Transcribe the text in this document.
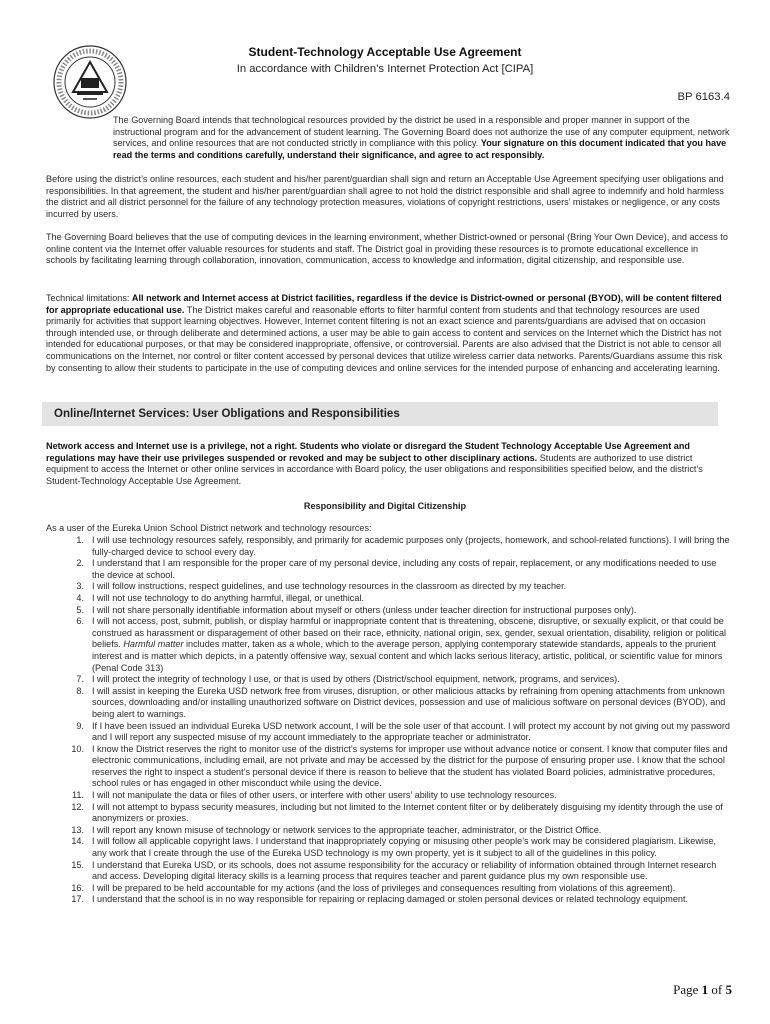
Student-Technology Acceptable Use Agreement
In accordance with Children’s Internet Protection Act [CIPA]
BP 6163.4

The Governing Board intends that technological resources provided by the district be used in a responsible and proper manner in support of the instructional program and for the advancement of student learning. The Governing Board does not authorize the use of any computer equipment, network services, and online resources that are not conducted strictly in compliance with this policy. Your signature on this document indicated that you have read the terms and conditions carefully, understand their significance, and agree to act responsibly.

Before using the district’s online resources, each student and his/her parent/guardian shall sign and return an Acceptable Use Agreement specifying user obligations and responsibilities. In that agreement, the student and his/her parent/guardian shall agree to not hold the district responsible and shall agree to indemnify and hold harmless the district and all district personnel for the failure of any technology protection measures, violations of copyright restrictions, users’ mistakes or negligence, or any costs incurred by users.

The Governing Board believes that the use of computing devices in the learning environment, whether District-owned or personal (Bring Your Own Device), and access to online content via the Internet offer valuable resources for students and staff. The District goal in providing these resources is to promote educational excellence in schools by facilitating learning through collaboration, innovation, communication, access to knowledge and information, digital citizenship, and responsible use.

Technical limitations: All network and Internet access at District facilities, regardless if the device is District-owned or personal (BYOD), will be content filtered for appropriate educational use. The District makes careful and reasonable efforts to filter harmful content from students and that technology resources are used primarily for activities that support learning objectives. However, Internet content filtering is not an exact science and parents/guardians are advised that on occasion through intended use, or through deliberate and determined actions, a user may be able to gain access to content and services on the Internet which the District has not intended for educational purposes, or that may be considered inappropriate, offensive, or controversial. Parents are also advised that the District is not able to censor all communications on the Internet, nor control or filter content accessed by personal devices that utilize wireless carrier data networks. Parents/Guardians assume this risk by consenting to allow their students to participate in the use of computing devices and online services for the intended purpose of enhancing and accelerating learning.

Online/Internet Services: User Obligations and Responsibilities

Network access and Internet use is a privilege, not a right. Students who violate or disregard the Student Technology Acceptable Use Agreement and regulations may have their use privileges suspended or revoked and may be subject to other disciplinary actions. Students are authorized to use district equipment to access the Internet or other online services in accordance with Board policy, the user obligations and responsibilities specified below, and the district’s Student-Technology Acceptable Use Agreement.

Responsibility and Digital Citizenship
As a user of the Eureka Union School District network and technology resources:
1. I will use technology resources safely, responsibly, and primarily for academic purposes only (projects, homework, and school-related functions). I will bring the fully-charged device to school every day.
2. I understand that I am responsible for the proper care of my personal device, including any costs of repair, replacement, or any modifications needed to use the device at school.
3. I will follow instructions, respect guidelines, and use technology resources in the classroom as directed by my teacher.
4. I will not use technology to do anything harmful, illegal, or unethical.
5. I will not share personally identifiable information about myself or others (unless under teacher direction for instructional purposes only).
6. I will not access, post, submit, publish, or display harmful or inappropriate content that is threatening, obscene, disruptive, or sexually explicit, or that could be construed as harassment or disparagement of other based on their race, ethnicity, national origin, sex, gender, sexual orientation, disability, religion or political beliefs. Harmful matter includes matter, taken as a whole, which to the average person, applying contemporary statewide standards, appeals to the prurient interest and is matter which depicts, in a patently offensive way, sexual content and which lacks serious literacy, artistic, political, or scientific value for minors (Penal Code 313)
7. I will protect the integrity of technology I use, or that is used by others (District/school equipment, network, programs, and services).
8. I will assist in keeping the Eureka USD network free from viruses, disruption, or other malicious attacks by refraining from opening attachments from unknown sources, downloading and/or installing unauthorized software on District devices, possession and use of malicious software on personal devices (BYOD), and being alert to warnings.
9. If I have been issued an individual Eureka USD network account, I will be the sole user of that account. I will protect my account by not giving out my password and I will report any suspected misuse of my account immediately to the appropriate teacher or administrator.
10. I know the District reserves the right to monitor use of the district’s systems for improper use without advance notice or consent. I know that computer files and electronic communications, including email, are not private and may be accessed by the district for the purpose of ensuring proper use. I know that the school reserves the right to inspect a student’s personal device if there is reason to believe that the student has violated Board policies, administrative procedures, school rules or has engaged in other misconduct while using the device.
11. I will not manipulate the data or files of other users, or interfere with other users’ ability to use technology resources.
12. I will not attempt to bypass security measures, including but not limited to the Internet content filter or by deliberately disguising my identity through the use of anonymizers or proxies.
13. I will report any known misuse of technology or network services to the appropriate teacher, administrator, or the District Office.
14. I will follow all applicable copyright laws. I understand that inappropriately copying or misusing other people’s work may be considered plagiarism. Likewise, any work that I create through the use of the Eureka USD technology is my own property, yet is it subject to all of the guidelines in this policy.
15. I understand that Eureka USD, or its schools, does not assume responsibility for the accuracy or reliability of information obtained through Internet research and access. Developing digital literacy skills is a learning process that requires teacher and parent guidance plus my own responsible use.
16. I will be prepared to be held accountable for my actions (and the loss of privileges and consequences resulting from violations of this agreement).
17. I understand that the school is in no way responsible for repairing or replacing damaged or stolen personal devices or related technology equipment.
Page 1 of 5
